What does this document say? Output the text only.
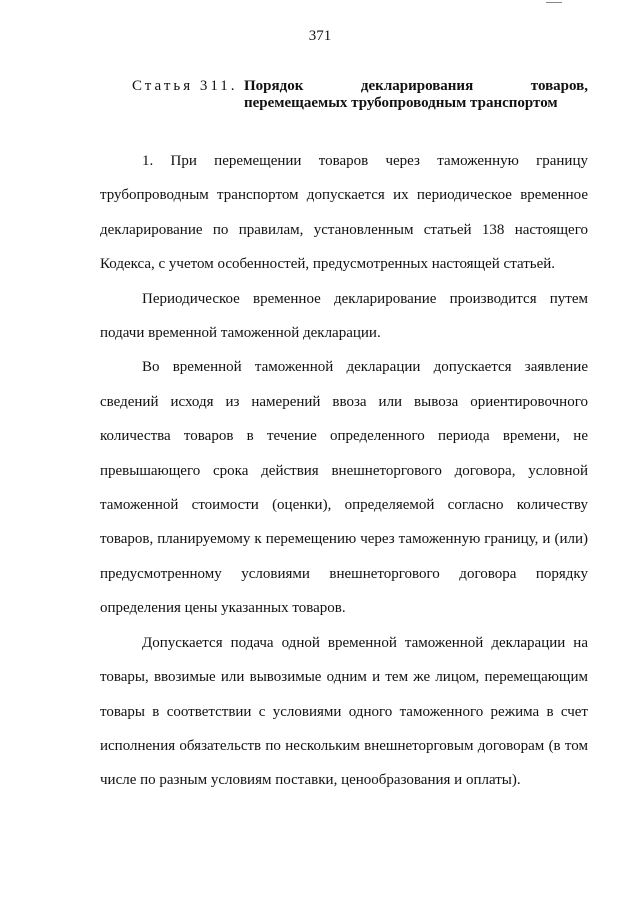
371
Статья 311. Порядок декларирования товаров,
перемещаемых трубопроводным транспортом

1. При перемещении товаров через таможенную границу трубопроводным транспортом допускается их периодическое временное декларирование по правилам, установленным статьей 138 настоящего Кодекса, с учетом особенностей, предусмотренных настоящей статьей.

Периодическое временное декларирование производится путем подачи временной таможенной декларации.

Во временной таможенной декларации допускается заявление сведений исходя из намерений ввоза или вывоза ориентировочного количества товаров в течение определенного периода времени, не превышающего срока действия внешнеторгового договора, условной таможенной стоимости (оценки), определяемой согласно количеству товаров, планируемому к перемещению через таможенную границу, и (или) предусмотренному условиями внешнеторгового договора порядку определения цены указанных товаров.

Допускается подача одной временной таможенной декларации на товары, ввозимые или вывозимые одним и тем же лицом, перемещающим товары в соответствии с условиями одного таможенного режима в счет исполнения обязательств по нескольким внешнеторговым договорам (в том числе по разным условиям поставки, ценообразования и оплаты).
